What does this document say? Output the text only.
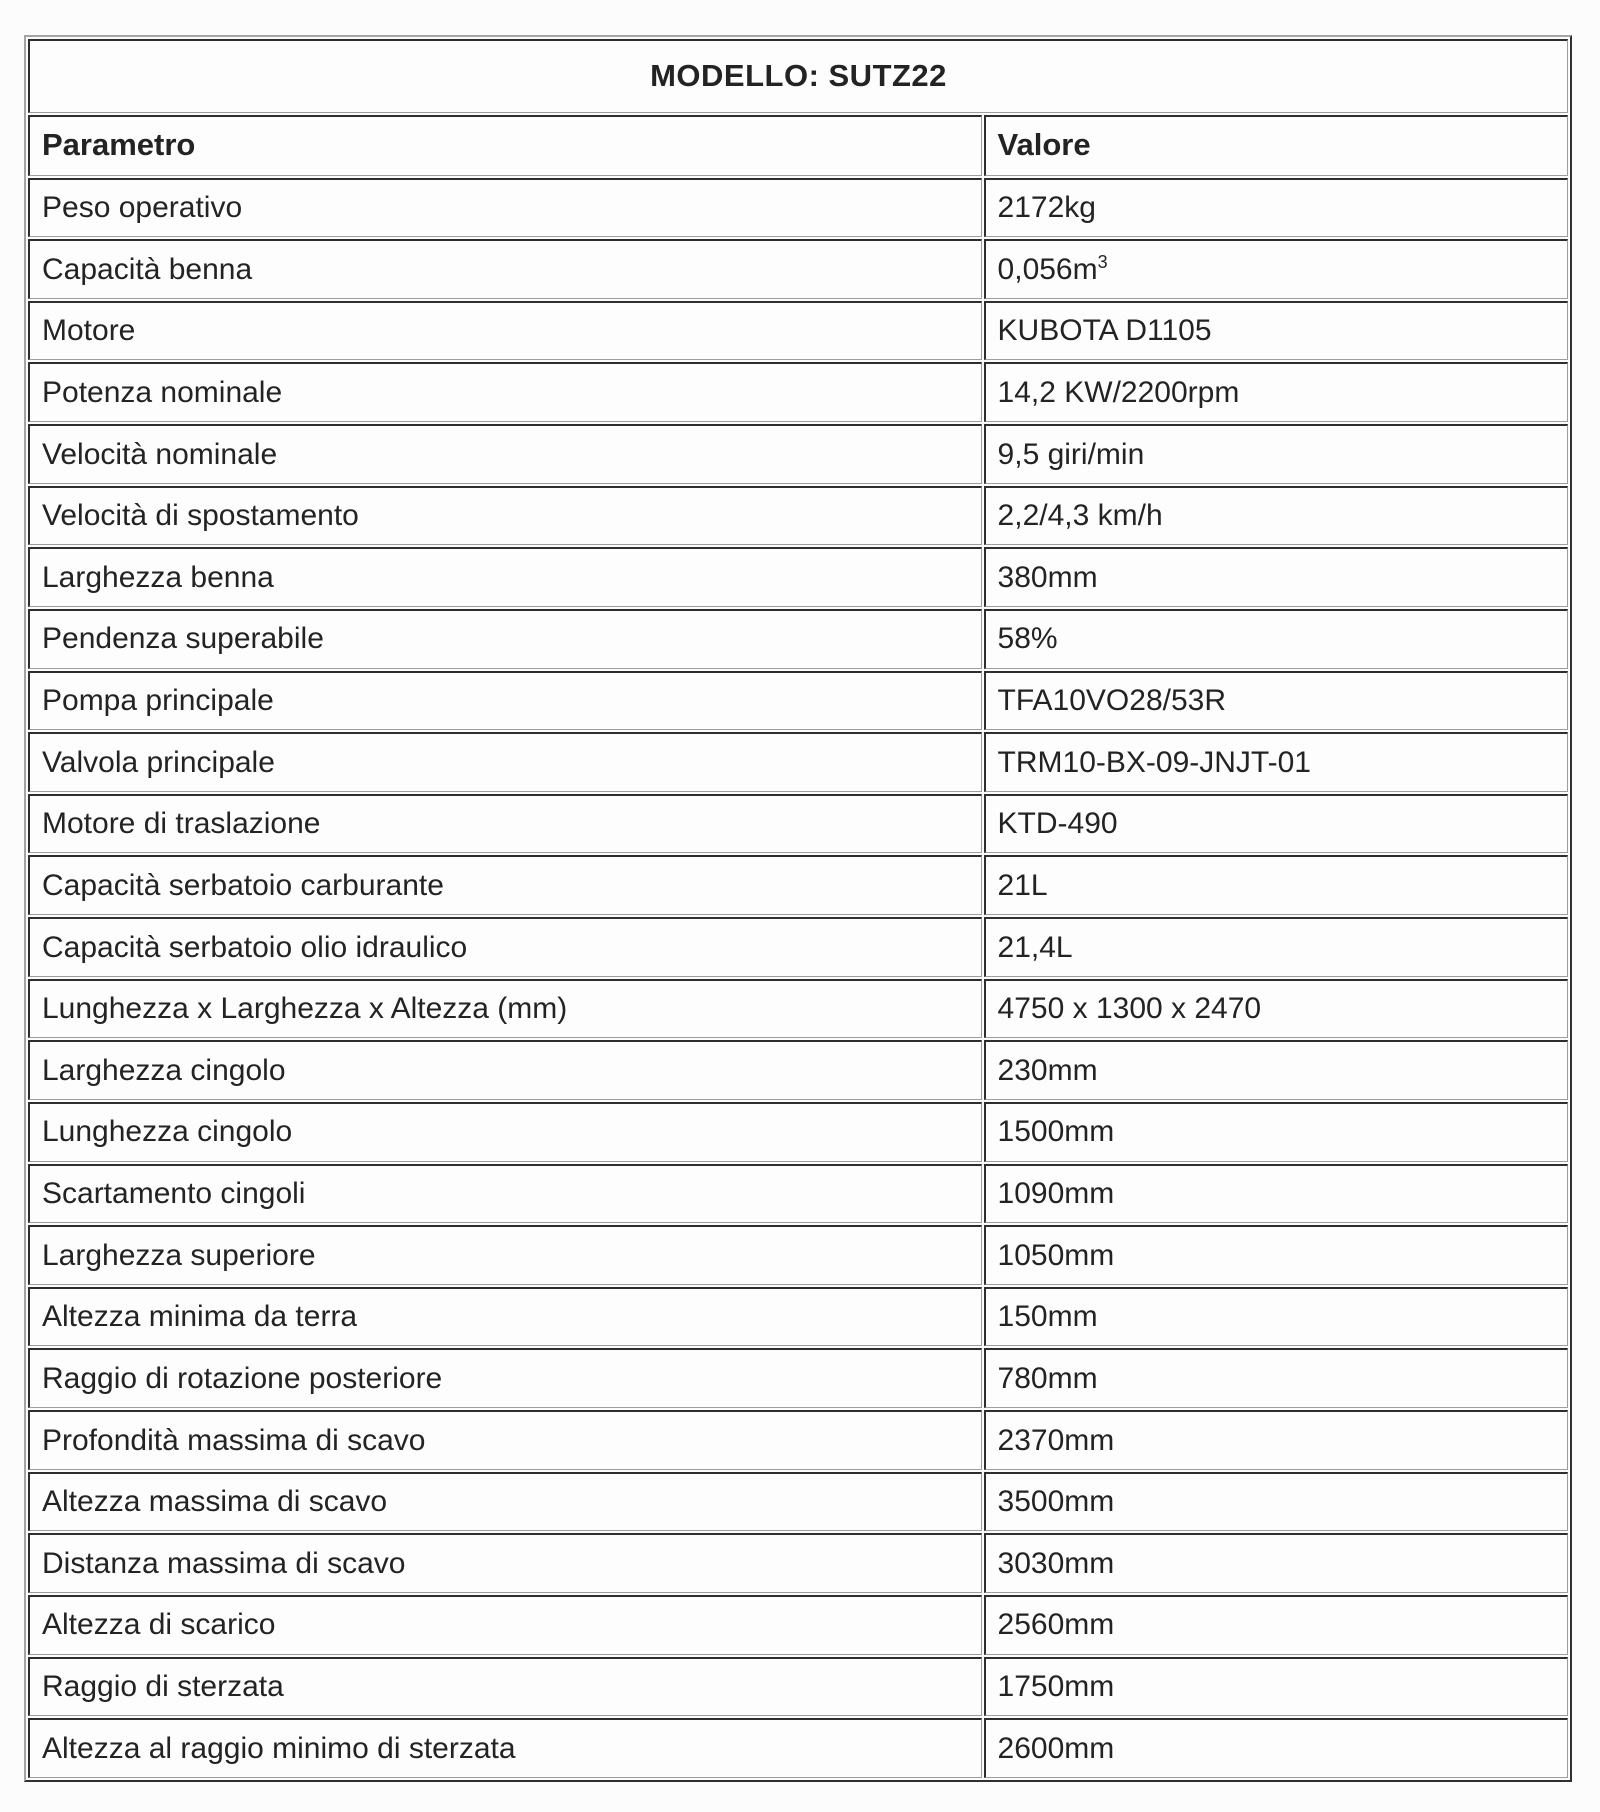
MODELLO: SUTZ22	
Parametro	Valore
Peso operativo	2172kg
Capacità benna	$0,056m^3$
Motore	KUBOTA D1105
Potenza nominale	14,2 KW/2200rpm
Velocità nominale	9,5 giri/min
Velocità di spostamento	2,2/4,3 km/h
Larghezza benna	380mm
Pendenza superabile	58%
Pompa principale	TFA10VO28/53R
Valvola principale	TRM10-BX-09-JNJT-01
Motore di traslazione	KTD-490
Capacità serbatoio carburante	21L
Capacità serbatoio olio idraulico	21,4L
Lunghezza x Larghezza x Altezza (mm)	4750 x 1300 x 2470
Larghezza cingolo	230mm
Lunghezza cingolo	1500mm
Scartamento cingoli	1090mm
Larghezza superiore	1050mm
Altezza minima da terra	150mm
Raggio di rotazione posteriore	780mm
Profondità massima di scavo	2370mm
Altezza massima di scavo	3500mm
Distanza massima di scavo	3030mm
Altezza di scarico	2560mm
Raggio di sterzata	1750mm
Altezza al raggio minimo di sterzata	2600mm
